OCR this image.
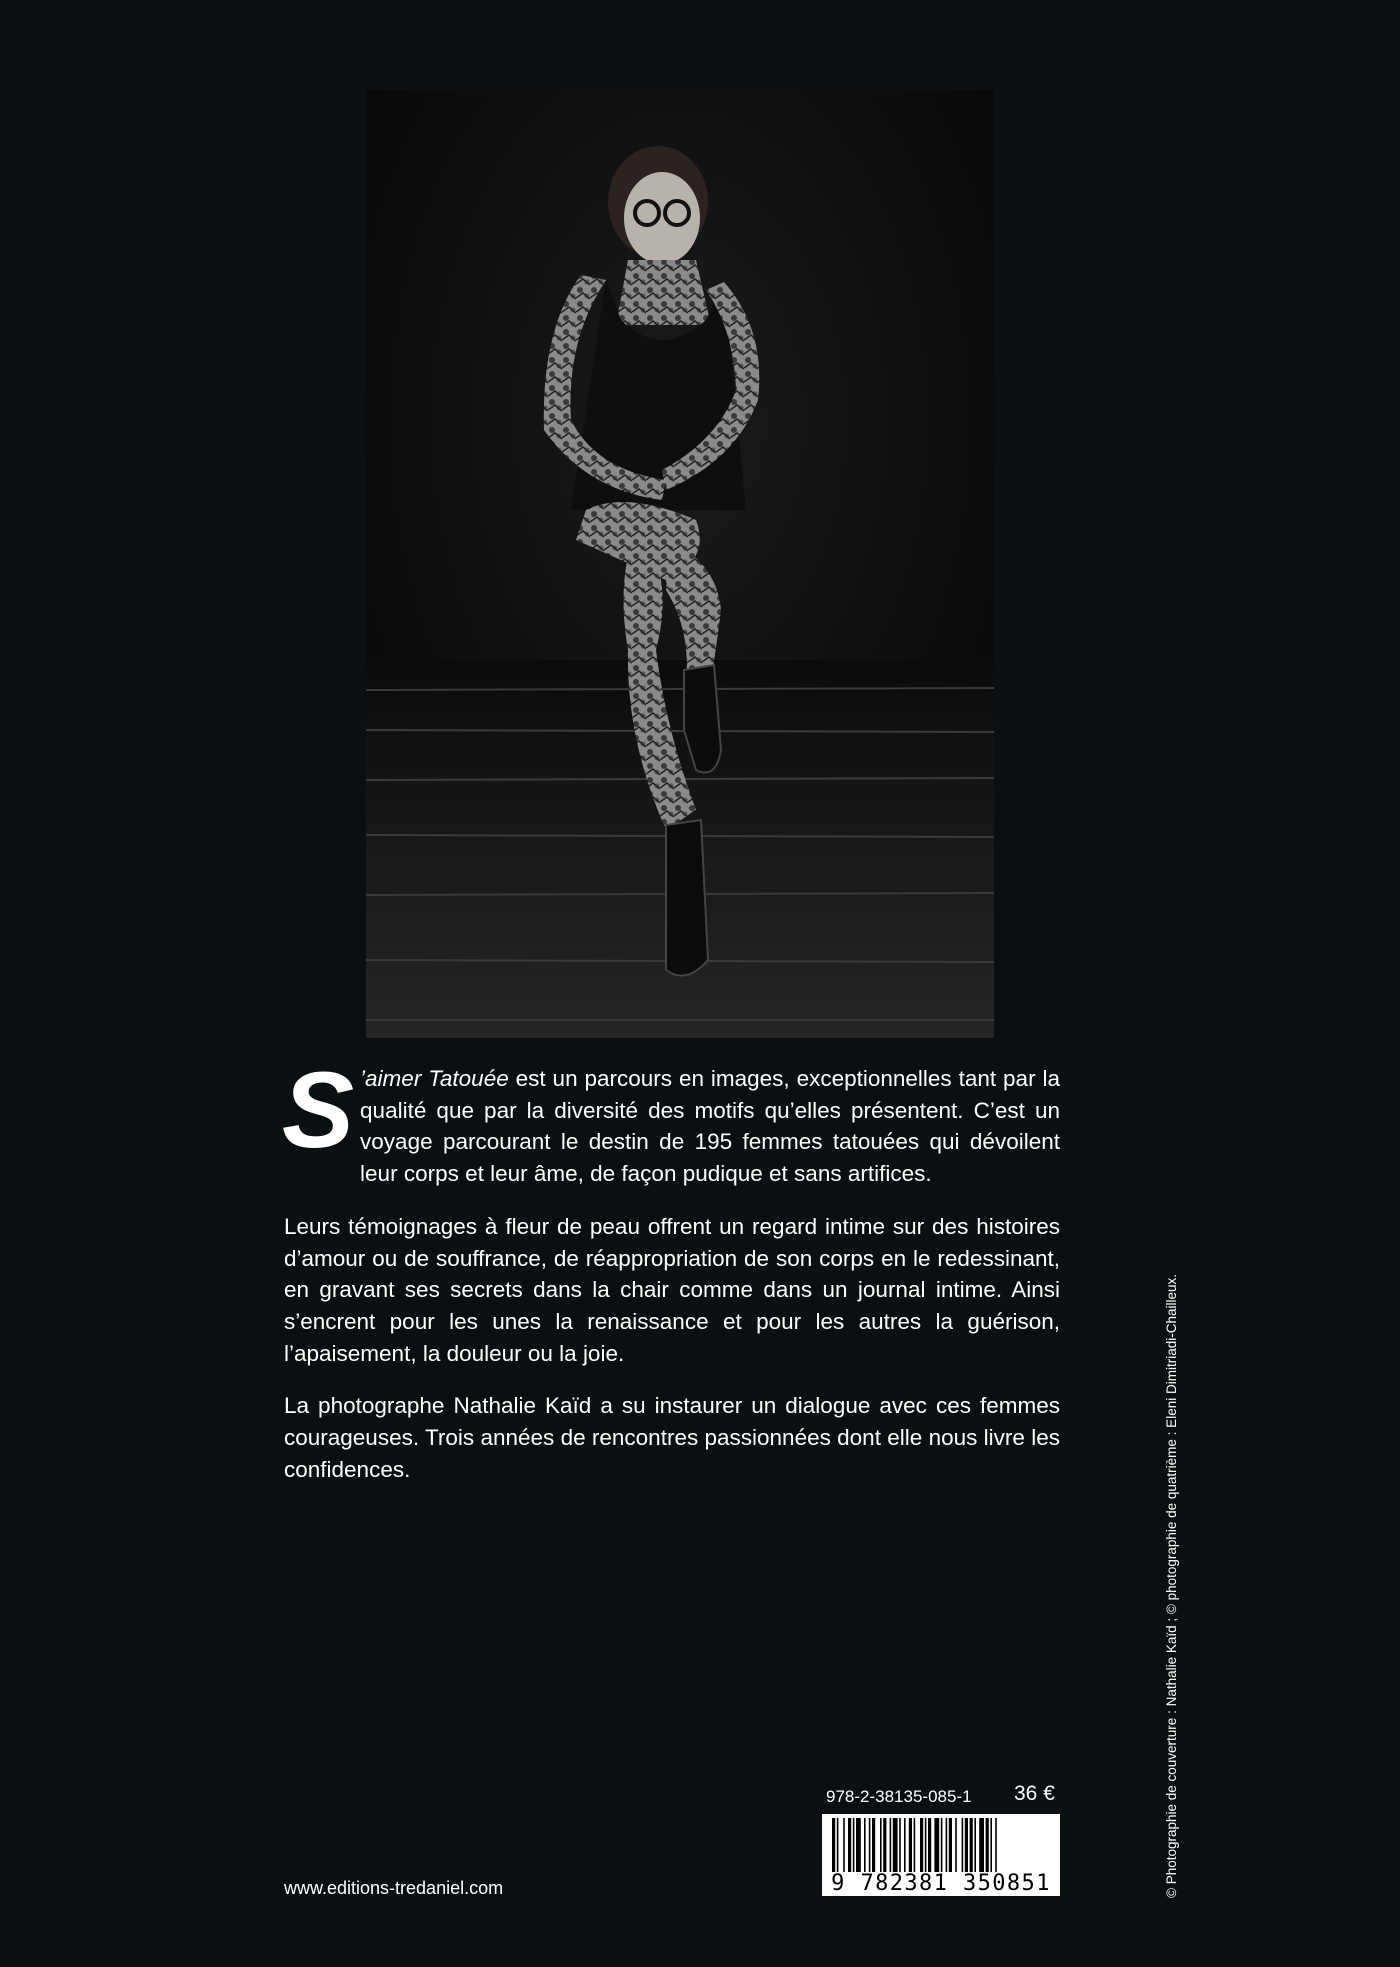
S ’aimer Tatouée est un parcours en images, exceptionnelles tant par la qualité que par la diversité des motifs qu’elles présentent. C’est un voyage parcourant le destin de 195 femmes tatouées qui dévoilent leur corps et leur âme, de façon pudique et sans artifices.

Leurs témoignages à fleur de peau offrent un regard intime sur des histoires d’amour ou de souffrance, de réappropriation de son corps en le redessinant, en gravant ses secrets dans la chair comme dans un journal intime. Ainsi s’encrent pour les unes la renaissance et pour les autres la guérison, l’apaisement, la douleur ou la joie.

La photographe Nathalie Kaïd a su instaurer un dialogue avec ces femmes courageuses. Trois années de rencontres passionnées dont elle nous livre les confidences.

978-2-38135-085-1 36 €
9 782381 350851
www.editions-tredaniel.com	© Photographie de couverture : Nathalie Kaïd ; © photographie de quatrième : Eleni Dimitriadi-Chailleux.
